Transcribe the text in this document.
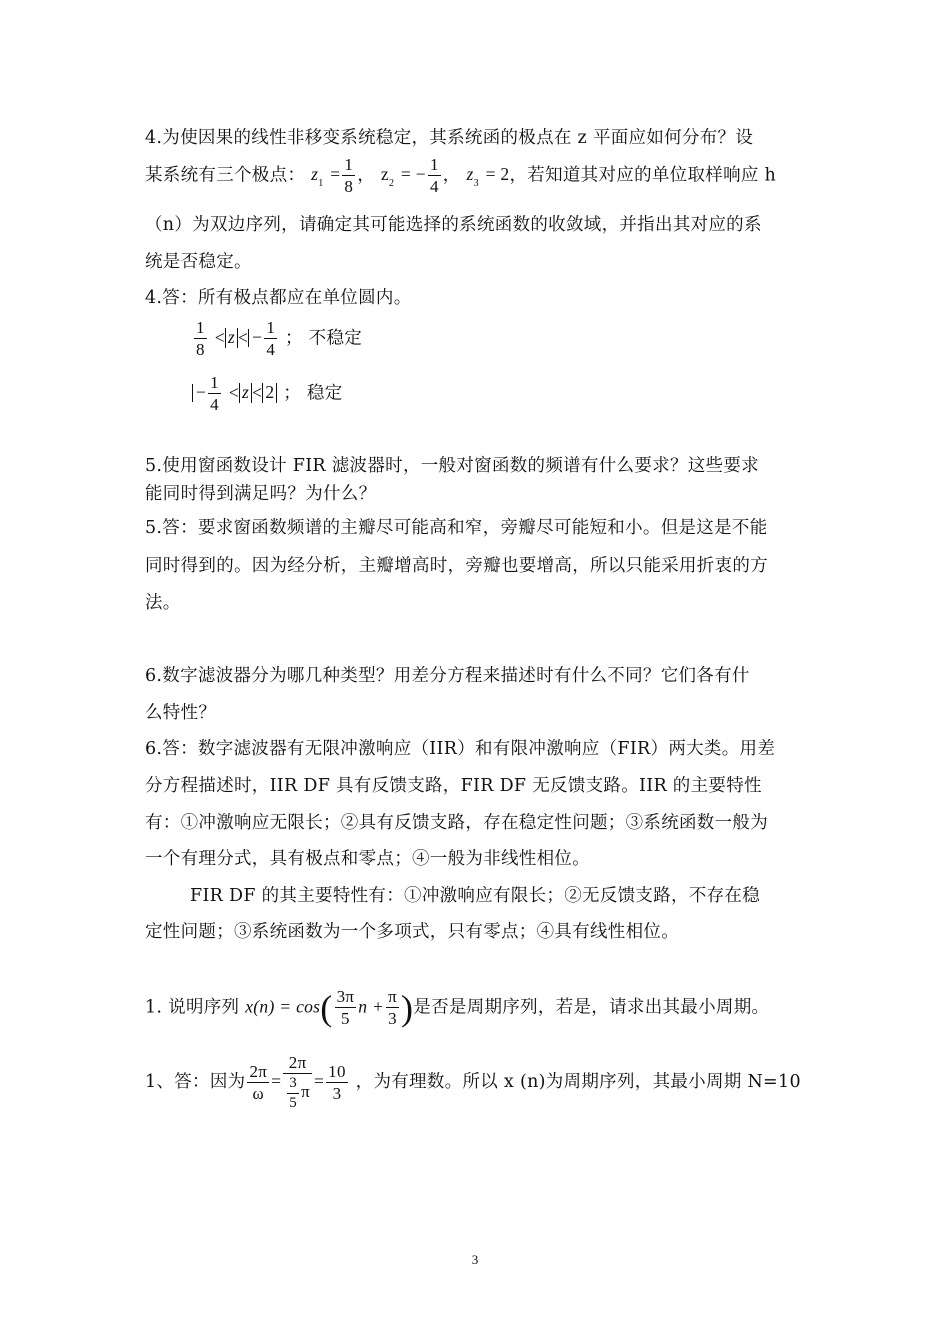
4.为使因果的线性非移变系统稳定，其系统函的极点在 z 平面应如何分布？设
某系统有三个极点： $z_1 = \frac{1}{8}$ ， $z_2$ = − $\frac{1}{4}$ ， $z_3 = 2$，若知道其对应的单位取样响应 h
（n）为双边序列，请确定其可能选择的系统函数的收敛域，并指出其对应的系
统是否稳定。
4.答：所有极点都应在单位圆内。
$\frac{1}{8} < z$ < − $\frac{1}{4}$ ； 不稳定
− $\frac{1}{4} < z < 2$ ； 稳定
5.使用窗函数设计 FIR 滤波器时，一般对窗函数的频谱有什么要求？这些要求
能同时得到满足吗？为什么？
5.答：要求窗函数频谱的主瓣尽可能高和窄，旁瓣尽可能短和小。但是这是不能
同时得到的。因为经分析，主瓣增高时，旁瓣也要增高，所以只能采用折衷的方
法。
6.数字滤波器分为哪几种类型？用差分方程来描述时有什么不同？它们各有什
么特性？
6.答：数字滤波器有无限冲激响应（IIR）和有限冲激响应（FIR）两大类。用差
分方程描述时，IIR DF 具有反馈支路，FIR DF 无反馈支路。IIR 的主要特性
有：①冲激响应无限长；②具有反馈支路，存在稳定性问题；③系统函数一般为
一个有理分式，具有极点和零点；④一般为非线性相位。
FIR DF 的其主要特性有：①冲激响应有限长；②无反馈支路，不存在稳
定性问题；③系统函数为一个多项式，只有零点；④具有线性相位。
1. 说明序列 $x(n) = \cos( \frac{3\pi}{5}$ $n + \frac{\pi}{3}$ )是否是周期序列，若是，请求出其最小周期。
1、答：因为 $\frac{2\pi}{\omega} = \frac{2\pi}{\frac{3}{5} \pi} = \frac{10}{3}$ ，为有理数。所以 x (n)为周期序列，其最小周期 N=10
3
